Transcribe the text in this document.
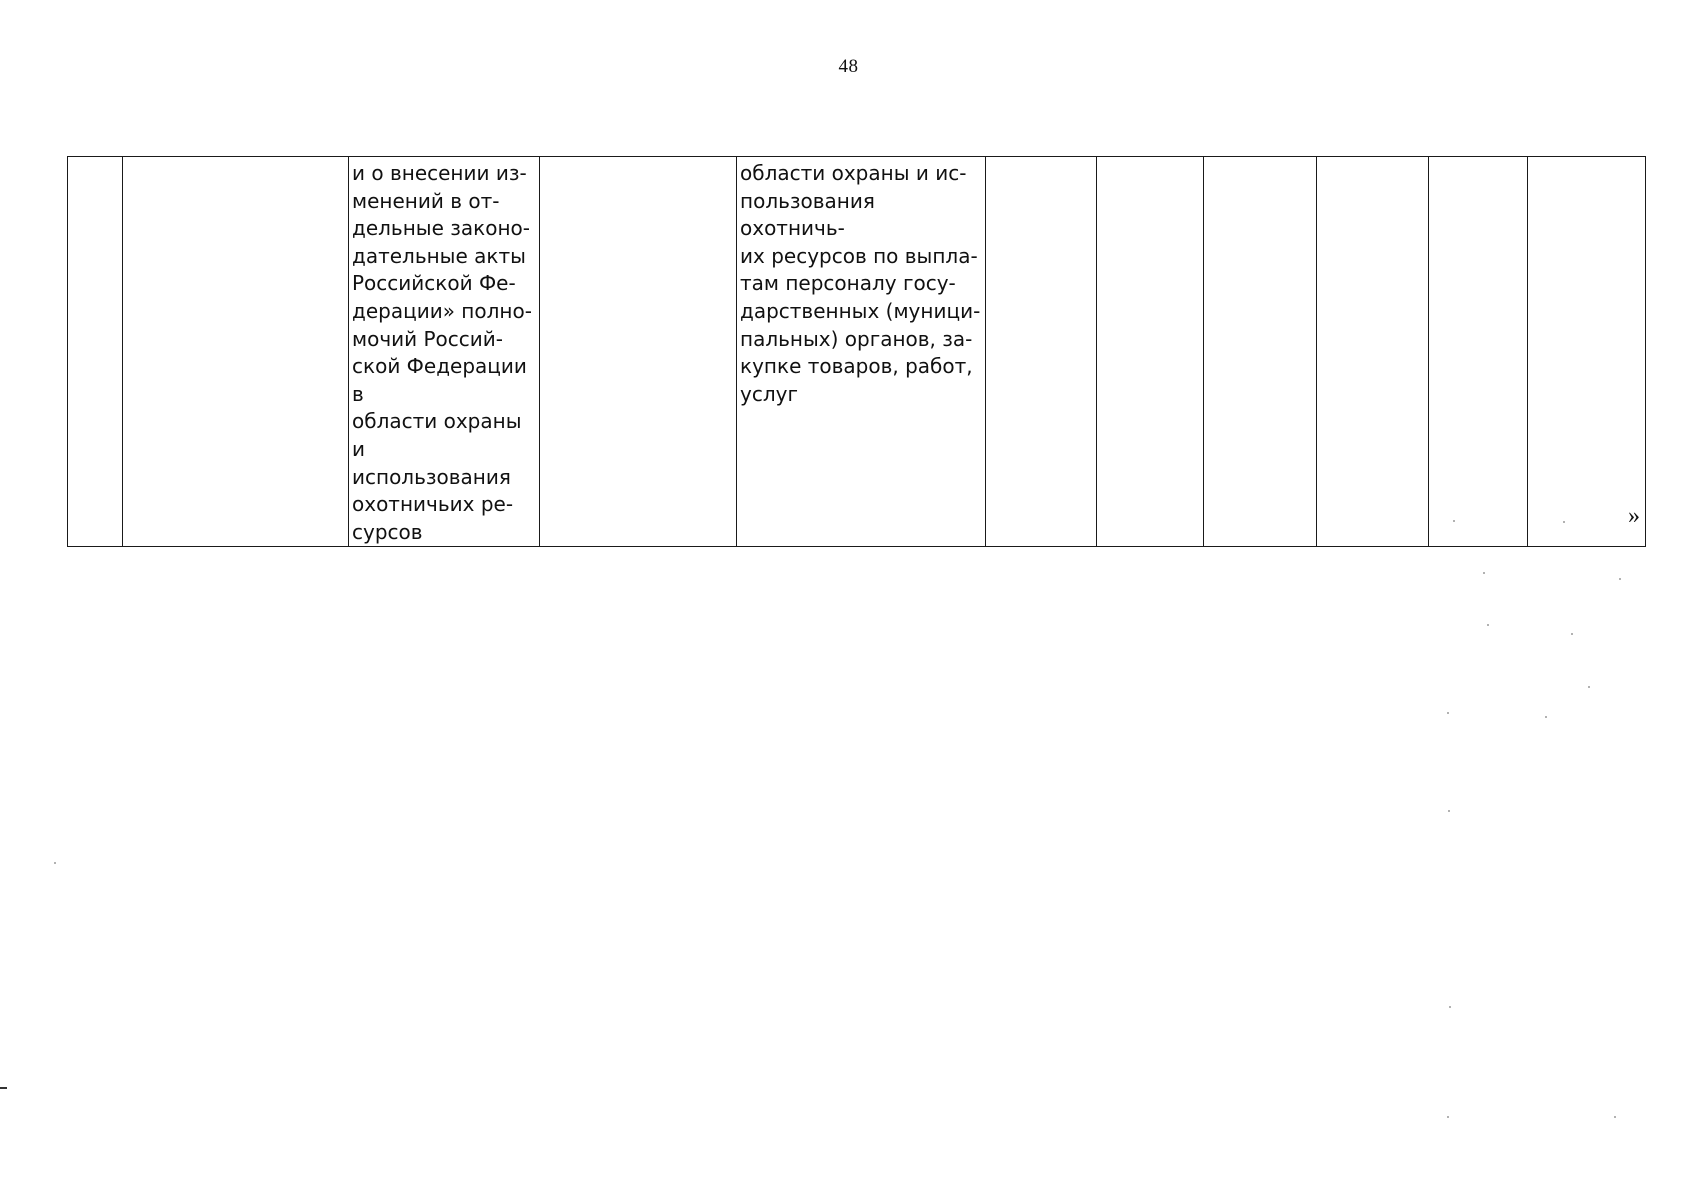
48
		и о внесении из-
менений в от-
дельные законо-
дательные акты
Российской Фе-
дерации» полно-
мочий Россий-
ской Федерации в
области охраны и
использования
охотничьих ре-
сурсов		области охраны и ис-
пользования охотничь-
их ресурсов по выпла-
там персоналу госу-
дарственных (муници-
пальных) органов, за-
купке товаров, работ,
услуг						
»
